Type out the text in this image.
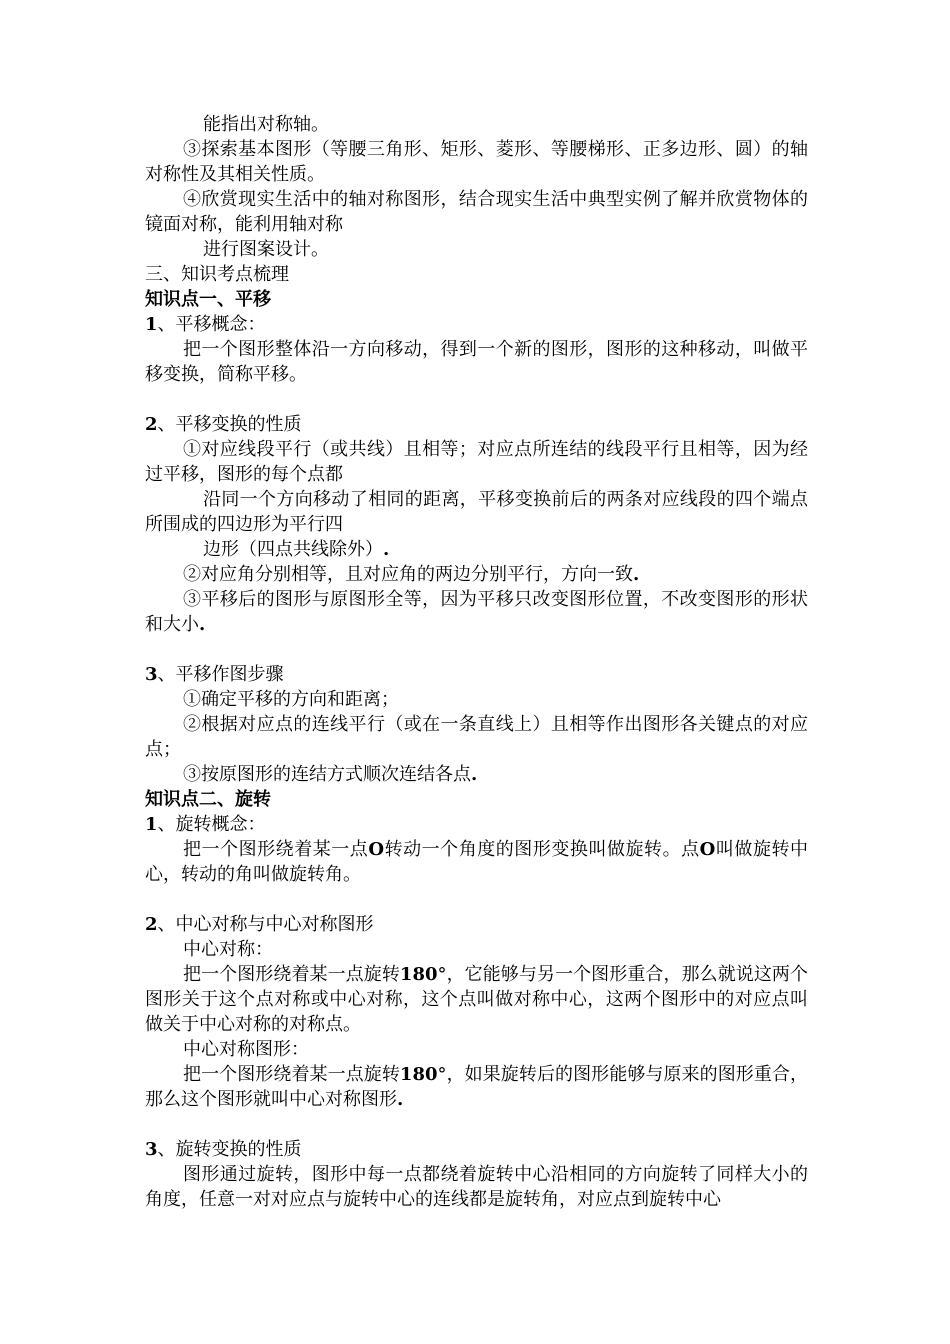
能指出对称轴。

③探索基本图形（等腰三角形、矩形、菱形、等腰梯形、正多边形、圆）的轴对称性及其相关性质。

④欣赏现实生活中的轴对称图形，结合现实生活中典型实例了解并欣赏物体的镜面对称，能利用轴对称

进行图案设计。

三、知识考点梳理

知识点一、平移

1、平移概念：

把一个图形整体沿一方向移动，得到一个新的图形，图形的这种移动，叫做平移变换，简称平移。

2、平移变换的性质

①对应线段平行（或共线）且相等；对应点所连结的线段平行且相等，因为经过平移，图形的每个点都

沿同一个方向移动了相同的距离，平移变换前后的两条对应线段的四个端点所围成的四边形为平行四

边形（四点共线除外）.

②对应角分别相等，且对应角的两边分别平行，方向一致.

③平移后的图形与原图形全等，因为平移只改变图形位置，不改变图形的形状和大小.

3、平移作图步骤

①确定平移的方向和距离；

②根据对应点的连线平行（或在一条直线上）且相等作出图形各关键点的对应点；

③按原图形的连结方式顺次连结各点.

知识点二、旋转

1、旋转概念：

把一个图形绕着某一点O转动一个角度的图形变换叫做旋转。点O叫做旋转中心，转动的角叫做旋转角。

2、中心对称与中心对称图形

中心对称：

把一个图形绕着某一点旋转180°，它能够与另一个图形重合，那么就说这两个图形关于这个点对称或中心对称，这个点叫做对称中心，这两个图形中的对应点叫做关于中心对称的对称点。

中心对称图形：

把一个图形绕着某一点旋转180°，如果旋转后的图形能够与原来的图形重合，那么这个图形就叫中心对称图形.

3、旋转变换的性质

图形通过旋转，图形中每一点都绕着旋转中心沿相同的方向旋转了同样大小的角度，任意一对对应点与旋转中心的连线都是旋转角，对应点到旋转中心
